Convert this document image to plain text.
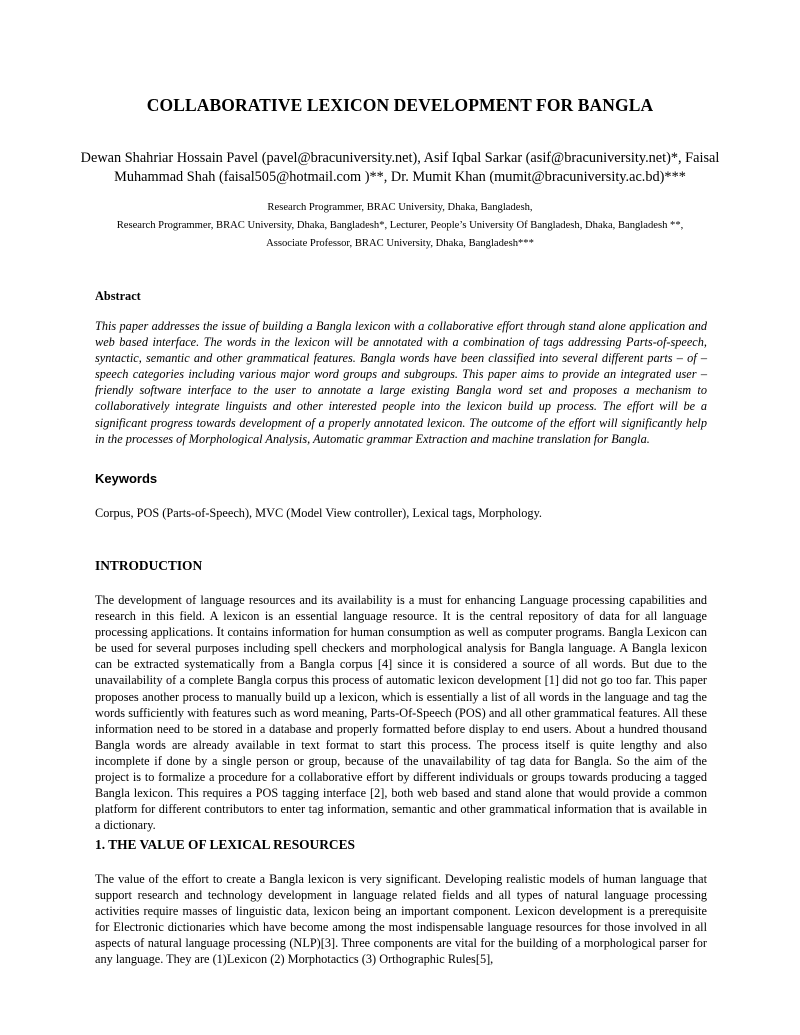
COLLABORATIVE LEXICON DEVELOPMENT FOR BANGLA

Dewan Shahriar Hossain Pavel (pavel@bracuniversity.net), Asif Iqbal Sarkar (asif@bracuniversity.net)*, Faisal Muhammad Shah (faisal505@hotmail.com )**, Dr. Mumit Khan (mumit@bracuniversity.ac.bd)***

Research Programmer, BRAC University, Dhaka, Bangladesh,
Research Programmer, BRAC University, Dhaka, Bangladesh*, Lecturer, People’s University Of Bangladesh, Dhaka, Bangladesh **,
Associate Professor, BRAC University, Dhaka, Bangladesh***

Abstract

This paper addresses the issue of building a Bangla lexicon with a collaborative effort through stand alone application and web based interface. The words in the lexicon will be annotated with a combination of tags addressing Parts-of-speech, syntactic, semantic and other grammatical features. Bangla words have been classified into several different parts – of – speech categories including various major word groups and subgroups. This paper aims to provide an integrated user – friendly software interface to the user to annotate a large existing Bangla word set and proposes a mechanism to collaboratively integrate linguists and other interested people into the lexicon build up process. The effort will be a significant progress towards development of a properly annotated lexicon. The outcome of the effort will significantly help in the processes of Morphological Analysis, Automatic grammar Extraction and machine translation for Bangla.

Keywords

Corpus, POS (Parts-of-Speech), MVC (Model View controller), Lexical tags, Morphology.

INTRODUCTION

The development of language resources and its availability is a must for enhancing Language processing capabilities and research in this field. A lexicon is an essential language resource. It is the central repository of data for all language processing applications. It contains information for human consumption as well as computer programs. Bangla Lexicon can be used for several purposes including spell checkers and morphological analysis for Bangla language. A Bangla lexicon can be extracted systematically from a Bangla corpus [4] since it is considered a source of all words. But due to the unavailability of a complete Bangla corpus this process of automatic lexicon development [1] did not go too far. This paper proposes another process to manually build up a lexicon, which is essentially a list of all words in the language and tag the words sufficiently with features such as word meaning, Parts-Of-Speech (POS) and all other grammatical features. All these information need to be stored in a database and properly formatted before display to end users. About a hundred thousand Bangla words are already available in text format to start this process. The process itself is quite lengthy and also incomplete if done by a single person or group, because of the unavailability of tag data for Bangla. So the aim of the project is to formalize a procedure for a collaborative effort by different individuals or groups towards producing a tagged Bangla lexicon. This requires a POS tagging interface [2], both web based and stand alone that would provide a common platform for different contributors to enter tag information, semantic and other grammatical information that is available in a dictionary.

1. THE VALUE OF LEXICAL RESOURCES

The value of the effort to create a Bangla lexicon is very significant. Developing realistic models of human language that support research and technology development in language related fields and all types of natural language processing activities require masses of linguistic data, lexicon being an important component. Lexicon development is a prerequisite for Electronic dictionaries which have become among the most indispensable language resources for those involved in all aspects of natural language processing (NLP)[3]. Three components are vital for the building of a morphological parser for any language. They are (1)Lexicon (2) Morphotactics (3) Orthographic Rules[5],
